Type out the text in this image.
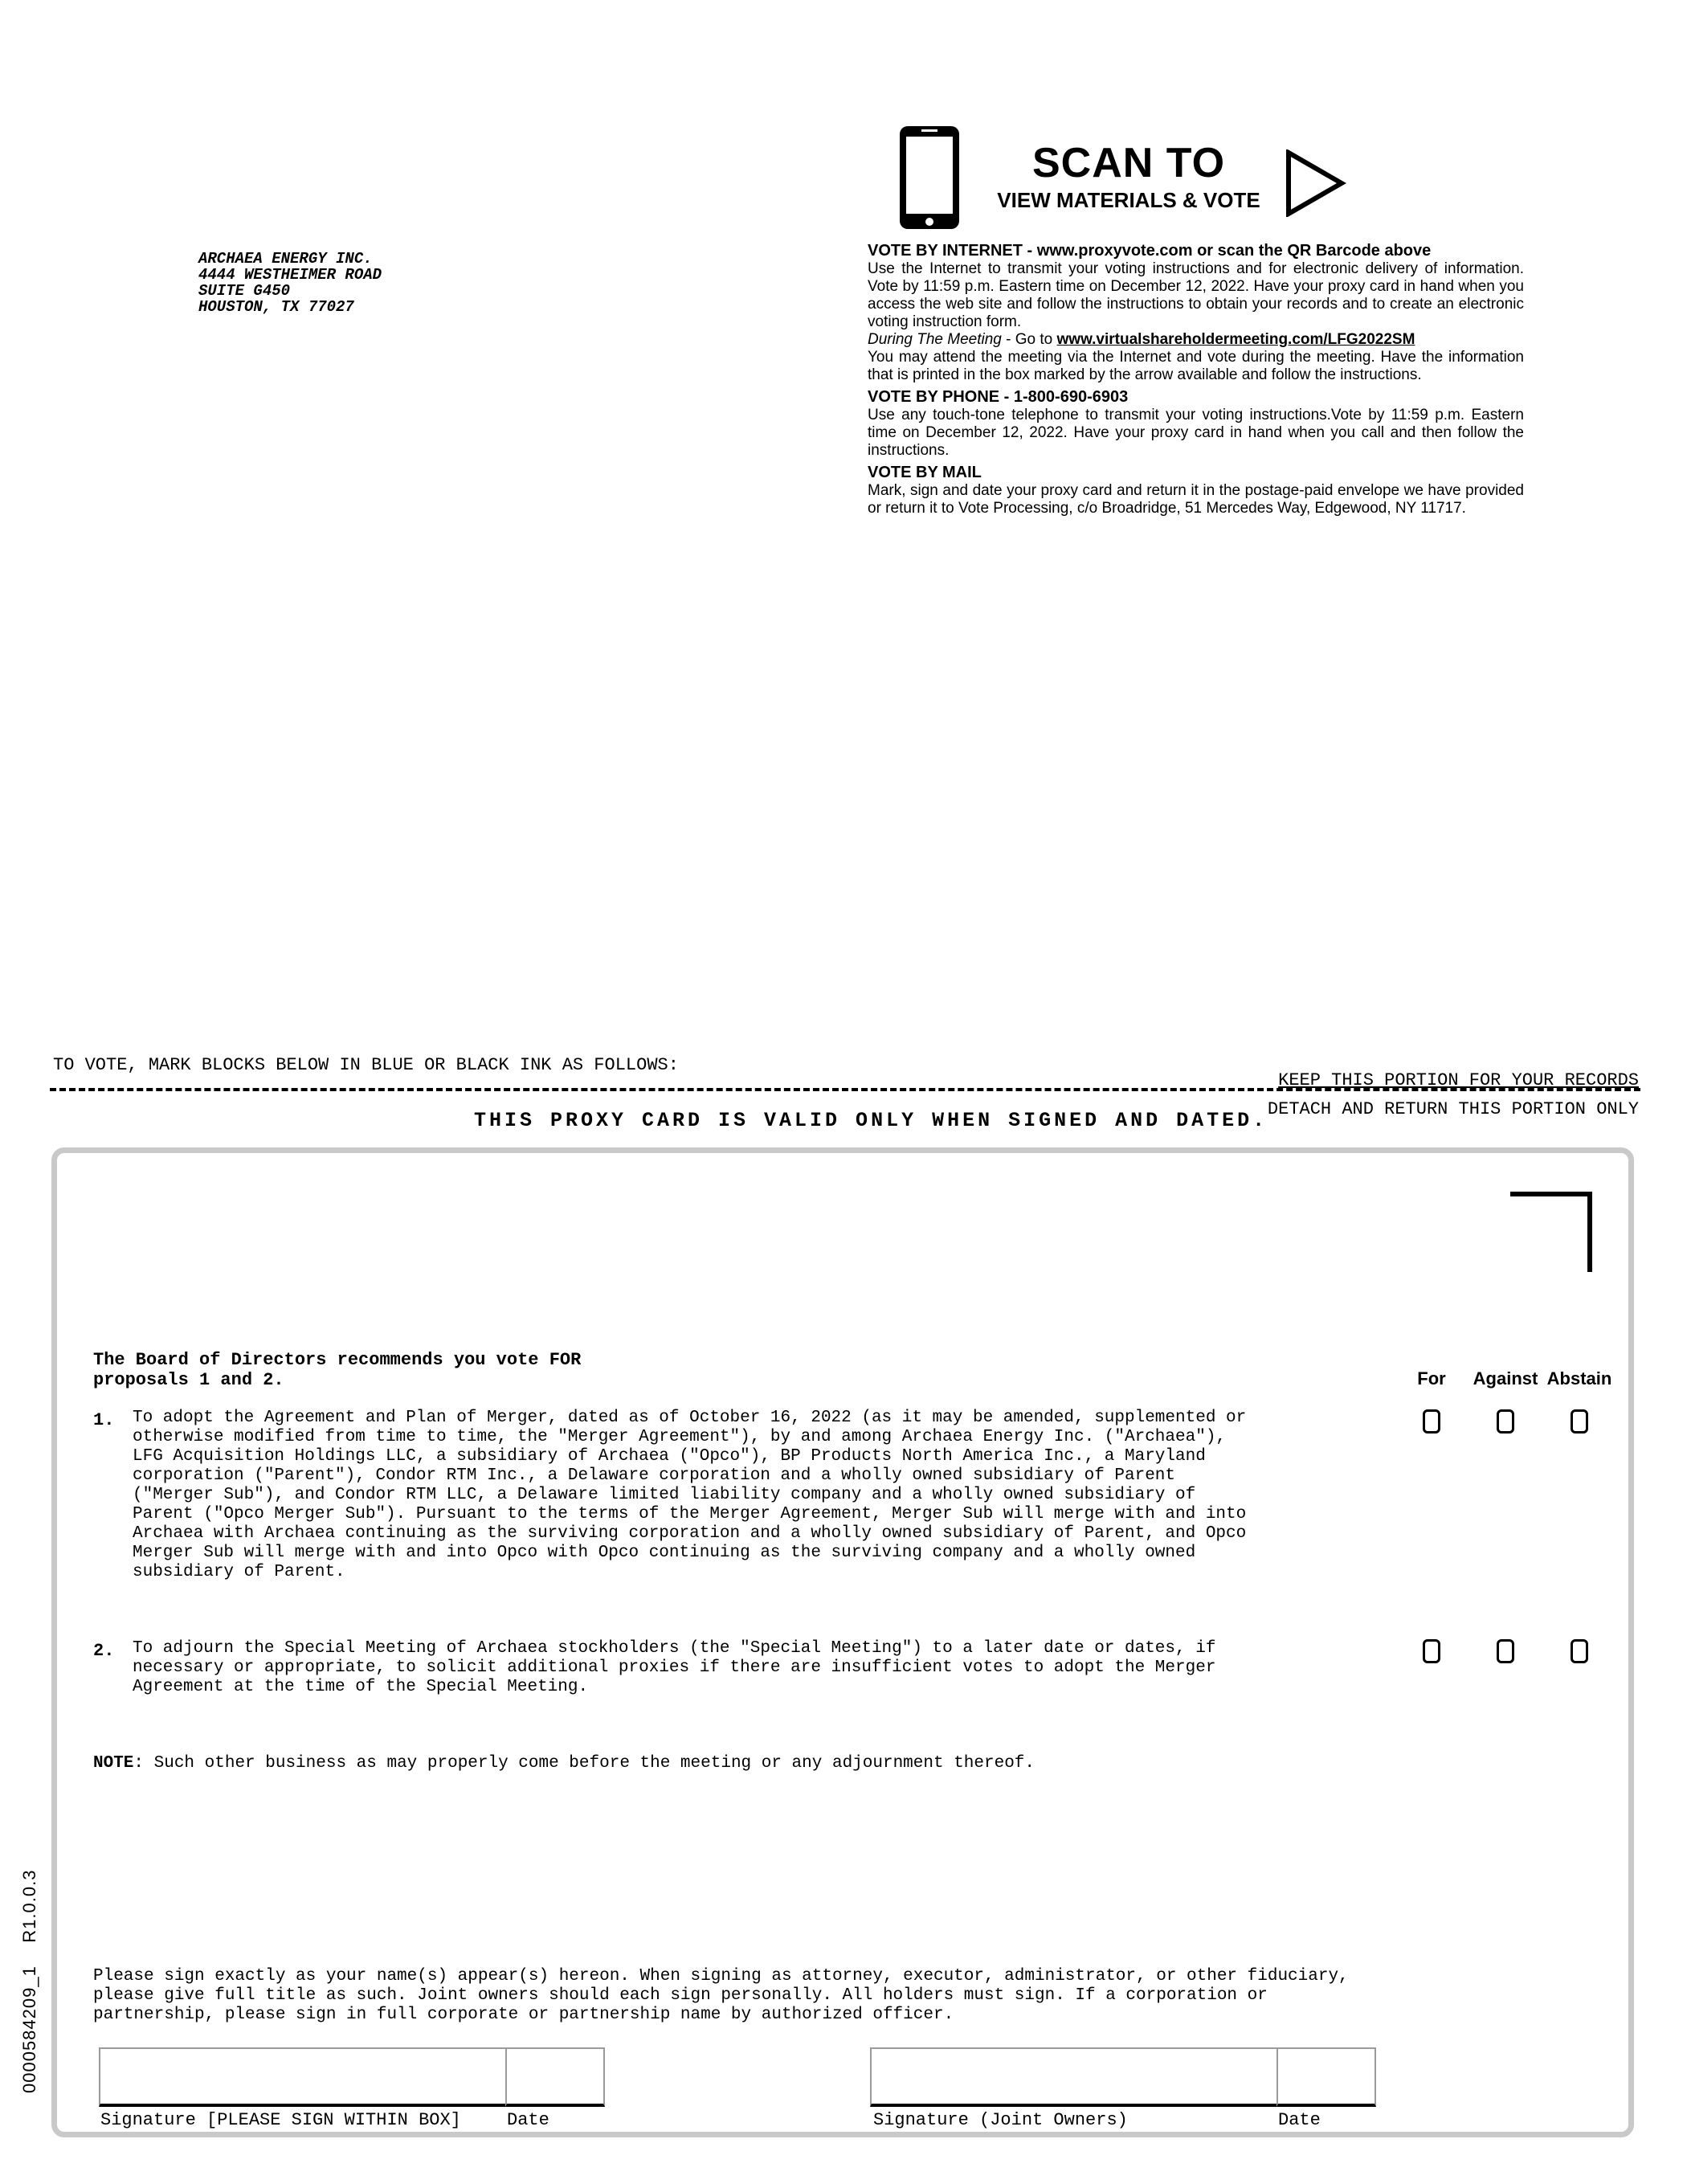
ARCHAEA ENERGY INC.
4444 WESTHEIMER ROAD
SUITE G450
HOUSTON, TX 77027
SCAN TO
VIEW MATERIALS & VOTE
VOTE BY INTERNET - www.proxyvote.com or scan the QR Barcode above
Use the Internet to transmit your voting instructions and for electronic delivery of information. Vote by 11:59 p.m. Eastern time on December 12, 2022. Have your proxy card in hand when you access the web site and follow the instructions to obtain your records and to create an electronic voting instruction form.
During The Meeting - Go to www.virtualshareholdermeeting.com/LFG2022SM
You may attend the meeting via the Internet and vote during the meeting. Have the information that is printed in the box marked by the arrow available and follow the instructions.
VOTE BY PHONE - 1-800-690-6903
Use any touch-tone telephone to transmit your voting instructions.Vote by 11:59 p.m. Eastern time on December 12, 2022. Have your proxy card in hand when you call and then follow the instructions.
VOTE BY MAIL
Mark, sign and date your proxy card and return it in the postage-paid envelope we have provided or return it to Vote Processing, c/o Broadridge, 51 Mercedes Way, Edgewood, NY 11717.
TO VOTE, MARK BLOCKS BELOW IN BLUE OR BLACK INK AS FOLLOWS:
KEEP THIS PORTION FOR YOUR RECORDS
DETACH AND RETURN THIS PORTION ONLY
THIS PROXY CARD IS VALID ONLY WHEN SIGNED AND DATED.
The Board of Directors recommends you vote FOR
proposals 1 and 2.	For	Against Abstain
1. To adopt the Agreement and Plan of Merger, dated as of October 16, 2022 (as it may be amended, supplemented or
otherwise modified from time to time, the "Merger Agreement"), by and among Archaea Energy Inc. ("Archaea"),
LFG Acquisition Holdings LLC, a subsidiary of Archaea ("Opco"), BP Products North America Inc., a Maryland
corporation ("Parent"), Condor RTM Inc., a Delaware corporation and a wholly owned subsidiary of Parent
("Merger Sub"), and Condor RTM LLC, a Delaware limited liability company and a wholly owned subsidiary of
Parent ("Opco Merger Sub"). Pursuant to the terms of the Merger Agreement, Merger Sub will merge with and into
Archaea with Archaea continuing as the surviving corporation and a wholly owned subsidiary of Parent, and Opco
Merger Sub will merge with and into Opco with Opco continuing as the surviving company and a wholly owned
subsidiary of Parent.
2. To adjourn the Special Meeting of Archaea stockholders (the "Special Meeting") to a later date or dates, if
necessary or appropriate, to solicit additional proxies if there are insufficient votes to adopt the Merger
Agreement at the time of the Special Meeting.
NOTE: Such other business as may properly come before the meeting or any adjournment thereof.
Please sign exactly as your name(s) appear(s) hereon. When signing as attorney, executor, administrator, or other fiduciary,
please give full title as such. Joint owners should each sign personally. All holders must sign. If a corporation or
partnership, please sign in full corporate or partnership name by authorized officer.
Signature [PLEASE SIGN WITHIN BOX]	Date	Signature (Joint Owners)	Date
0000584209_1    R1.0.0.3
